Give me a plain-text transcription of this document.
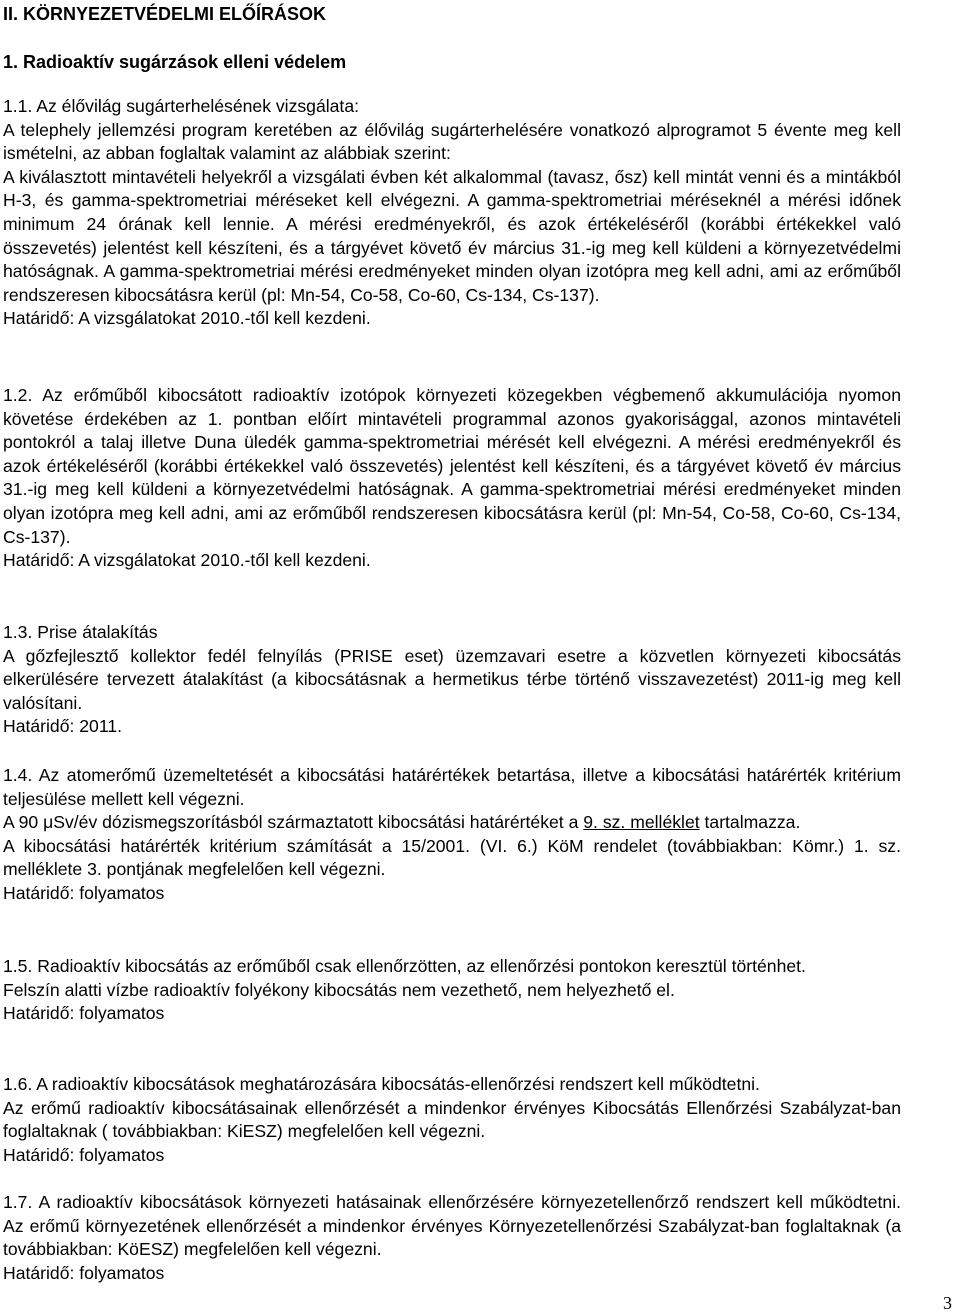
II. KÖRNYEZETVÉDELMI ELŐÍRÁSOK
1. Radioaktív sugárzások elleni védelem

1.1. Az élővilág sugárterhelésének vizsgálata:

A telephely jellemzési program keretében az élővilág sugárterhelésére vonatkozó alprogramot 5 évente meg kell ismételni, az abban foglaltak valamint az alábbiak szerint:

A kiválasztott mintavételi helyekről a vizsgálati évben két alkalommal (tavasz, ősz) kell mintát venni és a mintákból H-3, és gamma-spektrometriai méréseket kell elvégezni. A gamma-spektrometriai méréseknél a mérési időnek minimum 24 órának kell lennie. A mérési eredményekről, és azok értékeléséről (korábbi értékekkel való összevetés) jelentést kell készíteni, és a tárgyévet követő év március 31.-ig meg kell küldeni a környezetvédelmi hatóságnak. A gamma-spektrometriai mérési eredményeket minden olyan izotópra meg kell adni, ami az erőműből rendszeresen kibocsátásra kerül (pl: Mn-54, Co-58, Co-60, Cs-134, Cs-137).

Határidő: A vizsgálatokat 2010.-től kell kezdeni.

1.2. Az erőműből kibocsátott radioaktív izotópok környezeti közegekben végbemenő akkumulációja nyomon követése érdekében az 1. pontban előírt mintavételi programmal azonos gyakorisággal, azonos mintavételi pontokról a talaj illetve Duna üledék gamma-spektrometriai mérését kell elvégezni. A mérési eredményekről és azok értékeléséről (korábbi értékekkel való összevetés) jelentést kell készíteni, és a tárgyévet követő év március 31.-ig meg kell küldeni a környezetvédelmi hatóságnak. A gamma-spektrometriai mérési eredményeket minden olyan izotópra meg kell adni, ami az erőműből rendszeresen kibocsátásra kerül (pl: Mn-54, Co-58, Co-60, Cs-134, Cs-137).

Határidő: A vizsgálatokat 2010.-től kell kezdeni.

1.3. Prise átalakítás

A gőzfejlesztő kollektor fedél felnyílás (PRISE eset) üzemzavari esetre a közvetlen környezeti kibocsátás elkerülésére tervezett átalakítást (a kibocsátásnak a hermetikus térbe történő visszavezetést) 2011-ig meg kell valósítani.

Határidő: 2011.

1.4. Az atomerőmű üzemeltetését a kibocsátási határértékek betartása, illetve a kibocsátási határérték kritérium teljesülése mellett kell végezni.

A 90 μSv/év dózismegszorításból származtatott kibocsátási határértéket a 9. sz. melléklet tartalmazza.

A kibocsátási határérték kritérium számítását a 15/2001. (VI. 6.) KöM rendelet (továbbiakban: Kömr.) 1. sz. melléklete 3. pontjának megfelelően kell végezni.

Határidő: folyamatos

1.5. Radioaktív kibocsátás az erőműből csak ellenőrzötten, az ellenőrzési pontokon keresztül történhet.

Felszín alatti vízbe radioaktív folyékony kibocsátás nem vezethető, nem helyezhető el.

Határidő: folyamatos

1.6. A radioaktív kibocsátások meghatározására kibocsátás-ellenőrzési rendszert kell működtetni.

Az erőmű radioaktív kibocsátásainak ellenőrzését a mindenkor érvényes Kibocsátás Ellenőrzési Szabályzat-ban foglaltaknak ( továbbiakban: KiESZ) megfelelően kell végezni.

Határidő: folyamatos

1.7. A radioaktív kibocsátások környezeti hatásainak ellenőrzésére környezetellenőrző rendszert kell működtetni. Az erőmű környezetének ellenőrzését a mindenkor érvényes Környezetellenőrzési Szabályzat-ban foglaltaknak (a továbbiakban: KöESZ) megfelelően kell végezni.

Határidő: folyamatos

3
